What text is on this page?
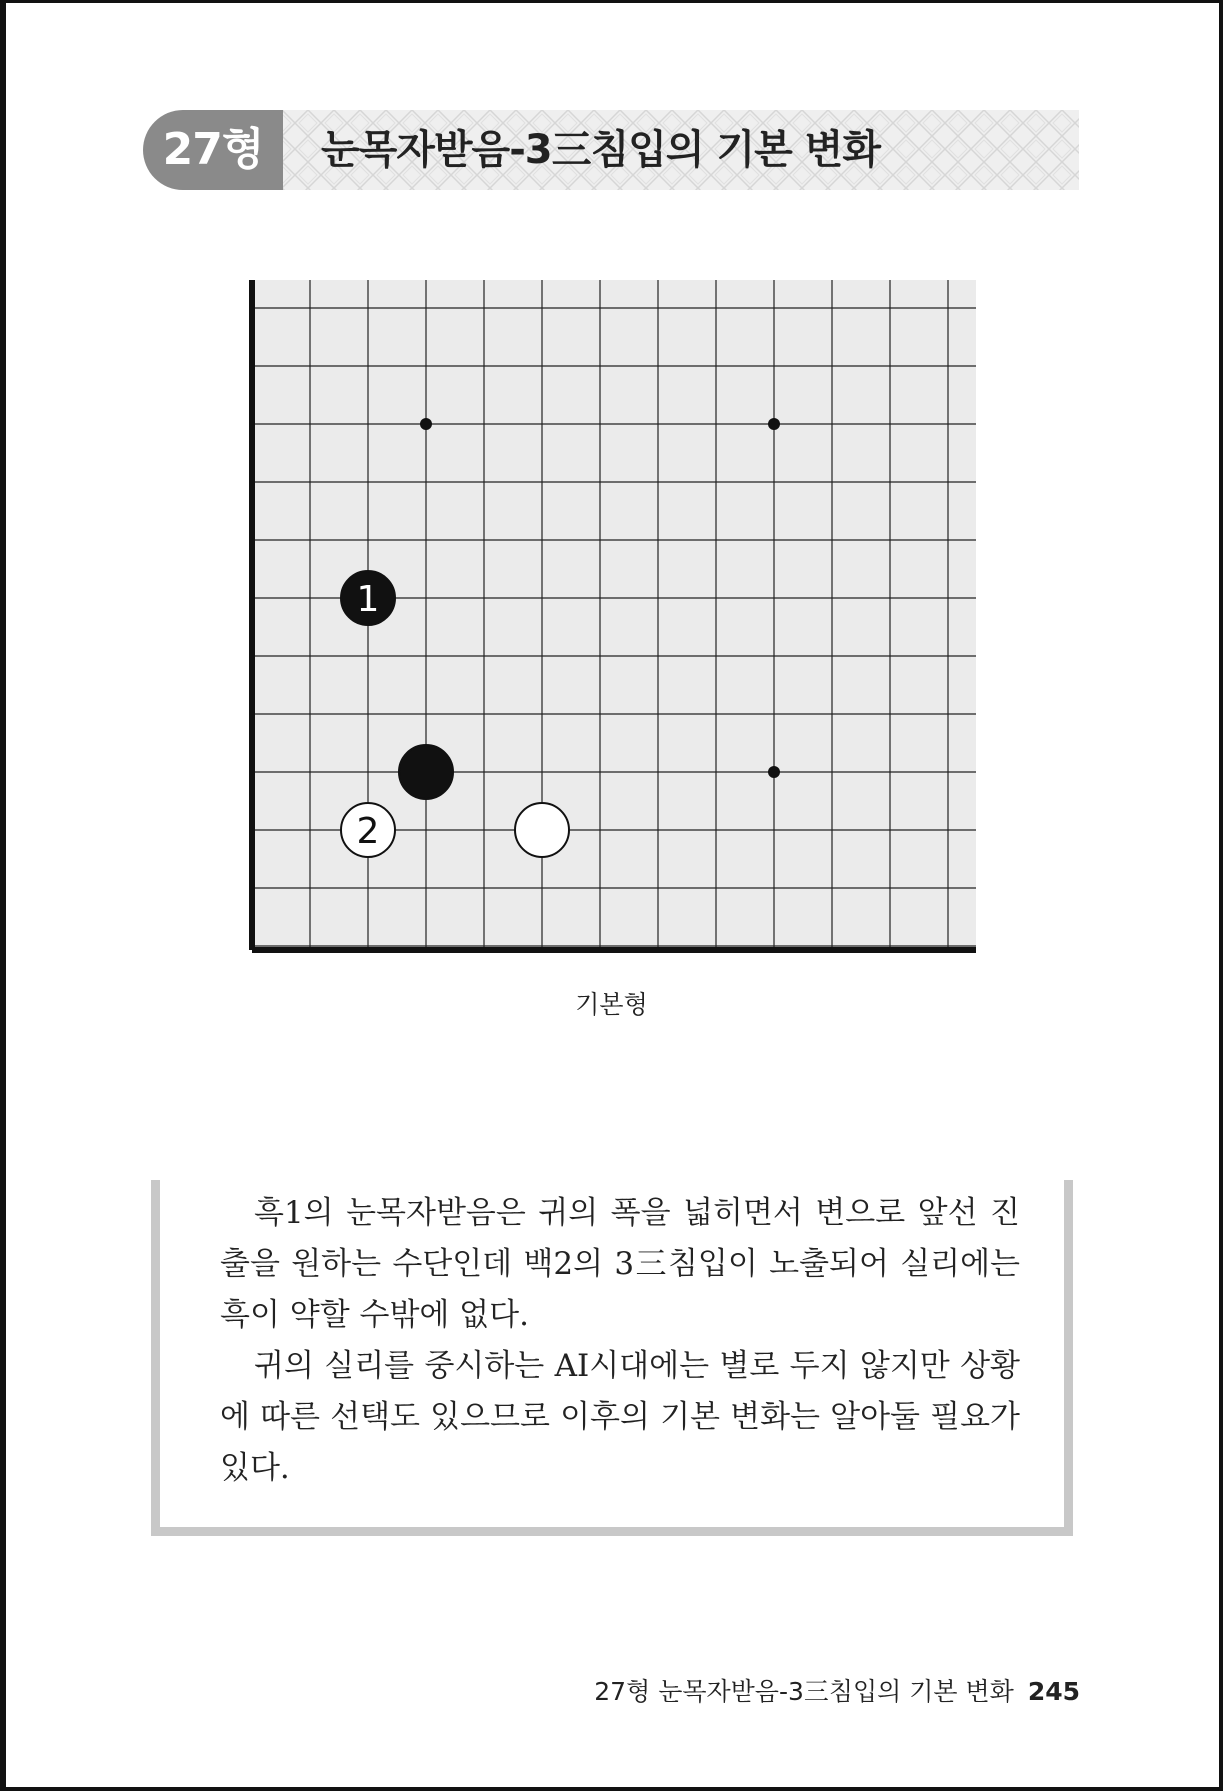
27형	눈목자받음-3三침입의 기본 변화
1
2
기본형

흑1의 눈목자받음은 귀의 폭을 넓히면서 변으로 앞선 진출을 원하는 수단인데 백2의 3三침입이 노출되어 실리에는 흑이 약할 수밖에 없다.

귀의 실리를 중시하는 AI시대에는 별로 두지 않지만 상황에 따른 선택도 있으므로 이후의 기본 변화는 알아둘 필요가 있다.

27형 눈목자받음-3三침입의 기본 변화 245
